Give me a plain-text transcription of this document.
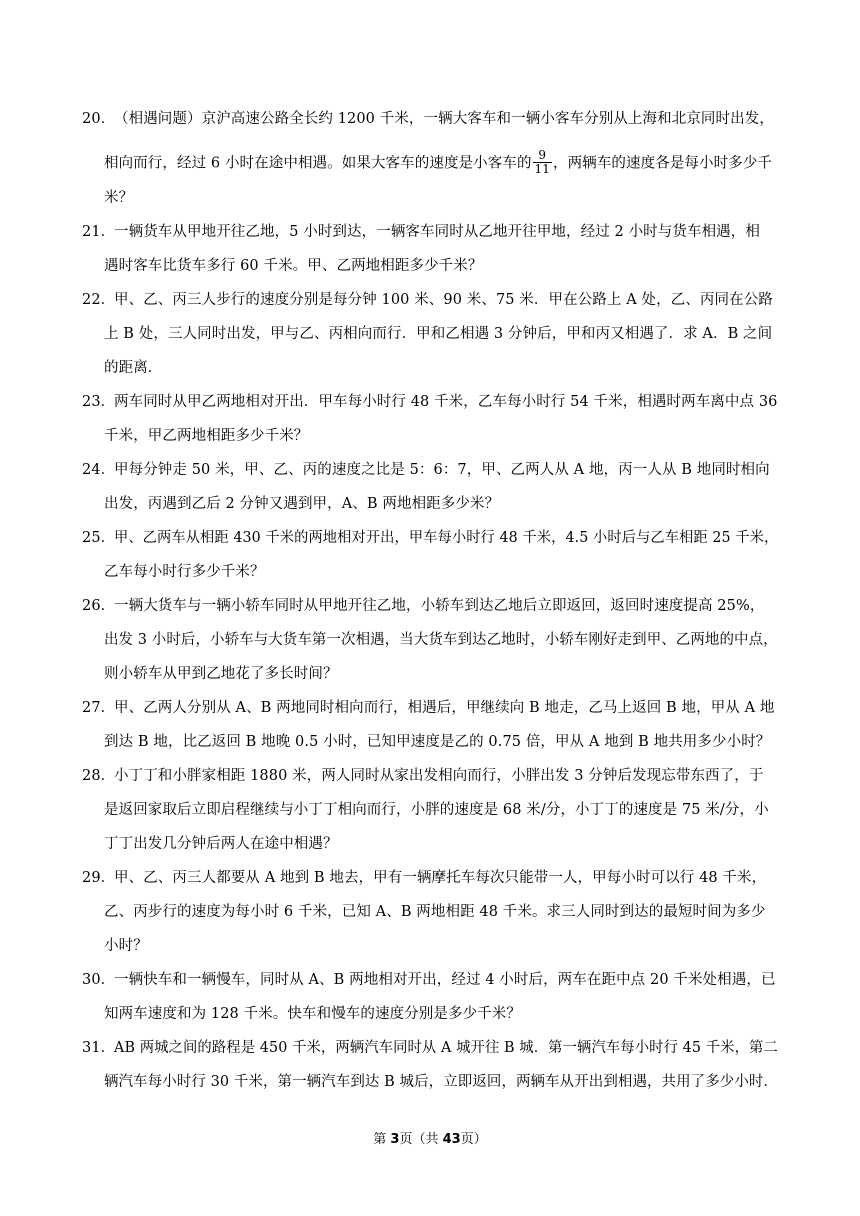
20．
（相遇问题）京沪高速公路全长约 1200 千米，一辆大客车和一辆小客车分别从上海和北京同时出发，
相向而行，经过 6 小时在途中相遇。如果大客车的速度是小客车的 $\frac{9}{11}$ ，两辆车的速度各是每小时多少千
米？
21．
一辆货车从甲地开往乙地，5 小时到达，一辆客车同时从乙地开往甲地，经过 2 小时与货车相遇，相
遇时客车比货车多行 60 千米。甲、乙两地相距多少千米？
22．
甲、乙、丙三人步行的速度分别是每分钟 100 米、90 米、75 米．甲在公路上 A 处，乙、丙同在公路
上 B 处，三人同时出发，甲与乙、丙相向而行．甲和乙相遇 3 分钟后，甲和丙又相遇了．求 A．B 之间
的距离．
23．
两车同时从甲乙两地相对开出．甲车每小时行 48 千米，乙车每小时行 54 千米，相遇时两车离中点 36
千米，甲乙两地相距多少千米？
24．
甲每分钟走 50 米，甲、乙、丙的速度之比是 5：6：7，甲、乙两人从 A 地，丙一人从 B 地同时相向
出发，丙遇到乙后 2 分钟又遇到甲，A、B 两地相距多少米？
25．
甲、乙两车从相距 430 千米的两地相对开出，甲车每小时行 48 千米，4.5 小时后与乙车相距 25 千米，
乙车每小时行多少千米？
26．
一辆大货车与一辆小轿车同时从甲地开往乙地，小轿车到达乙地后立即返回，返回时速度提高 25%，
出发 3 小时后，小轿车与大货车第一次相遇，当大货车到达乙地时，小轿车刚好走到甲、乙两地的中点，
则小轿车从甲到乙地花了多长时间？
27．
甲、乙两人分别从 A、B 两地同时相向而行，相遇后，甲继续向 B 地走，乙马上返回 B 地，甲从 A 地
到达 B 地，比乙返回 B 地晚 0.5 小时，已知甲速度是乙的 0.75 倍，甲从 A 地到 B 地共用多少小时？
28．
小丁丁和小胖家相距 1880 米，两人同时从家出发相向而行，小胖出发 3 分钟后发现忘带东西了，于
是返回家取后立即启程继续与小丁丁相向而行，小胖的速度是 68 米/分，小丁丁的速度是 75 米/分，小
丁丁出发几分钟后两人在途中相遇？
29．
甲、乙、丙三人都要从 A 地到 B 地去，甲有一辆摩托车每次只能带一人，甲每小时可以行 48 千米，
乙、丙步行的速度为每小时 6 千米，已知 A、B 两地相距 48 千米。求三人同时到达的最短时间为多少
小时？
30．
一辆快车和一辆慢车，同时从 A、B 两地相对开出，经过 4 小时后，两车在距中点 20 千米处相遇，已
知两车速度和为 128 千米。快车和慢车的速度分别是多少千米？
31．
AB 两城之间的路程是 450 千米，两辆汽车同时从 A 城开往 B 城．第一辆汽车每小时行 45 千米，第二
辆汽车每小时行 30 千米，第一辆汽车到达 B 城后，立即返回，两辆车从开出到相遇，共用了多少小时．
第 3页（共 43页）
